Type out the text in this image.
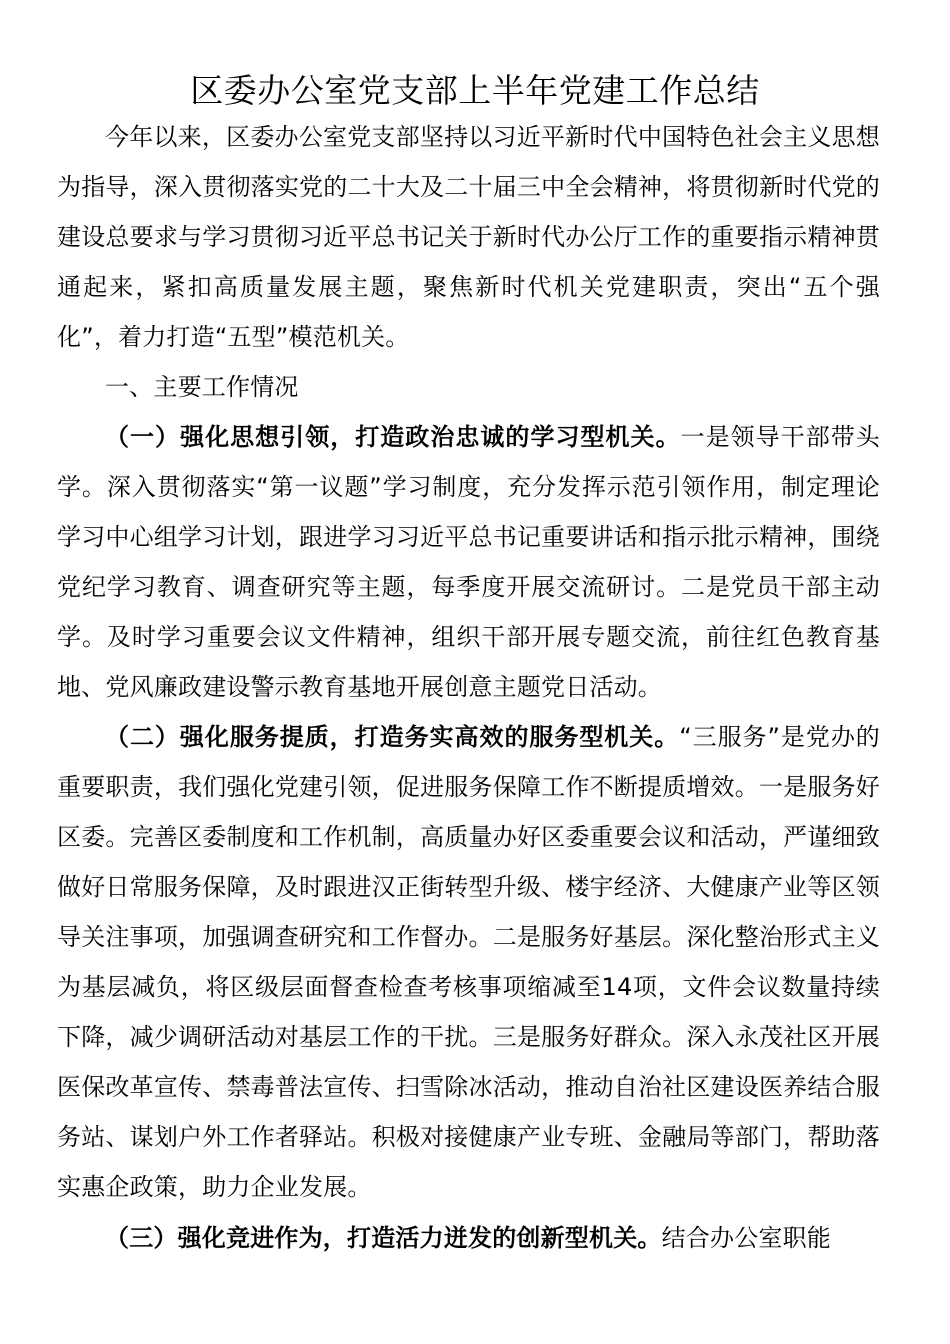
区委办公室党支部上半年党建工作总结

今年以来，区委办公室党支部坚持以习近平新时代中国特色社会主义思想为指导，深入贯彻落实党的二十大及二十届三中全会精神，将贯彻新时代党的建设总要求与学习贯彻习近平总书记关于新时代办公厅工作的重要指示精神贯通起来，紧扣高质量发展主题，聚焦新时代机关党建职责，突出“五个强化”，着力打造“五型”模范机关。

一、主要工作情况

（一）强化思想引领，打造政治忠诚的学习型机关。一是领导干部带头学。深入贯彻落实“第一议题”学习制度，充分发挥示范引领作用，制定理论学习中心组学习计划，跟进学习习近平总书记重要讲话和指示批示精神，围绕党纪学习教育、调查研究等主题，每季度开展交流研讨。二是党员干部主动学。及时学习重要会议文件精神，组织干部开展专题交流，前往红色教育基地、党风廉政建设警示教育基地开展创意主题党日活动。

（二）强化服务提质，打造务实高效的服务型机关。“三服务”是党办的重要职责，我们强化党建引领，促进服务保障工作不断提质增效。一是服务好区委。完善区委制度和工作机制，高质量办好区委重要会议和活动，严谨细致做好日常服务保障，及时跟进汉正街转型升级、楼宇经济、大健康产业等区领导关注事项，加强调查研究和工作督办。二是服务好基层。深化整治形式主义为基层减负，将区级层面督查检查考核事项缩减至14项，文件会议数量持续下降，减少调研活动对基层工作的干扰。三是服务好群众。深入永茂社区开展医保改革宣传、禁毒普法宣传、扫雪除冰活动，推动自治社区建设医养结合服务站、谋划户外工作者驿站。积极对接健康产业专班、金融局等部门，帮助落实惠企政策，助力企业发展。

（三）强化竞进作为，打造活力迸发的创新型机关。结合办公室职能
